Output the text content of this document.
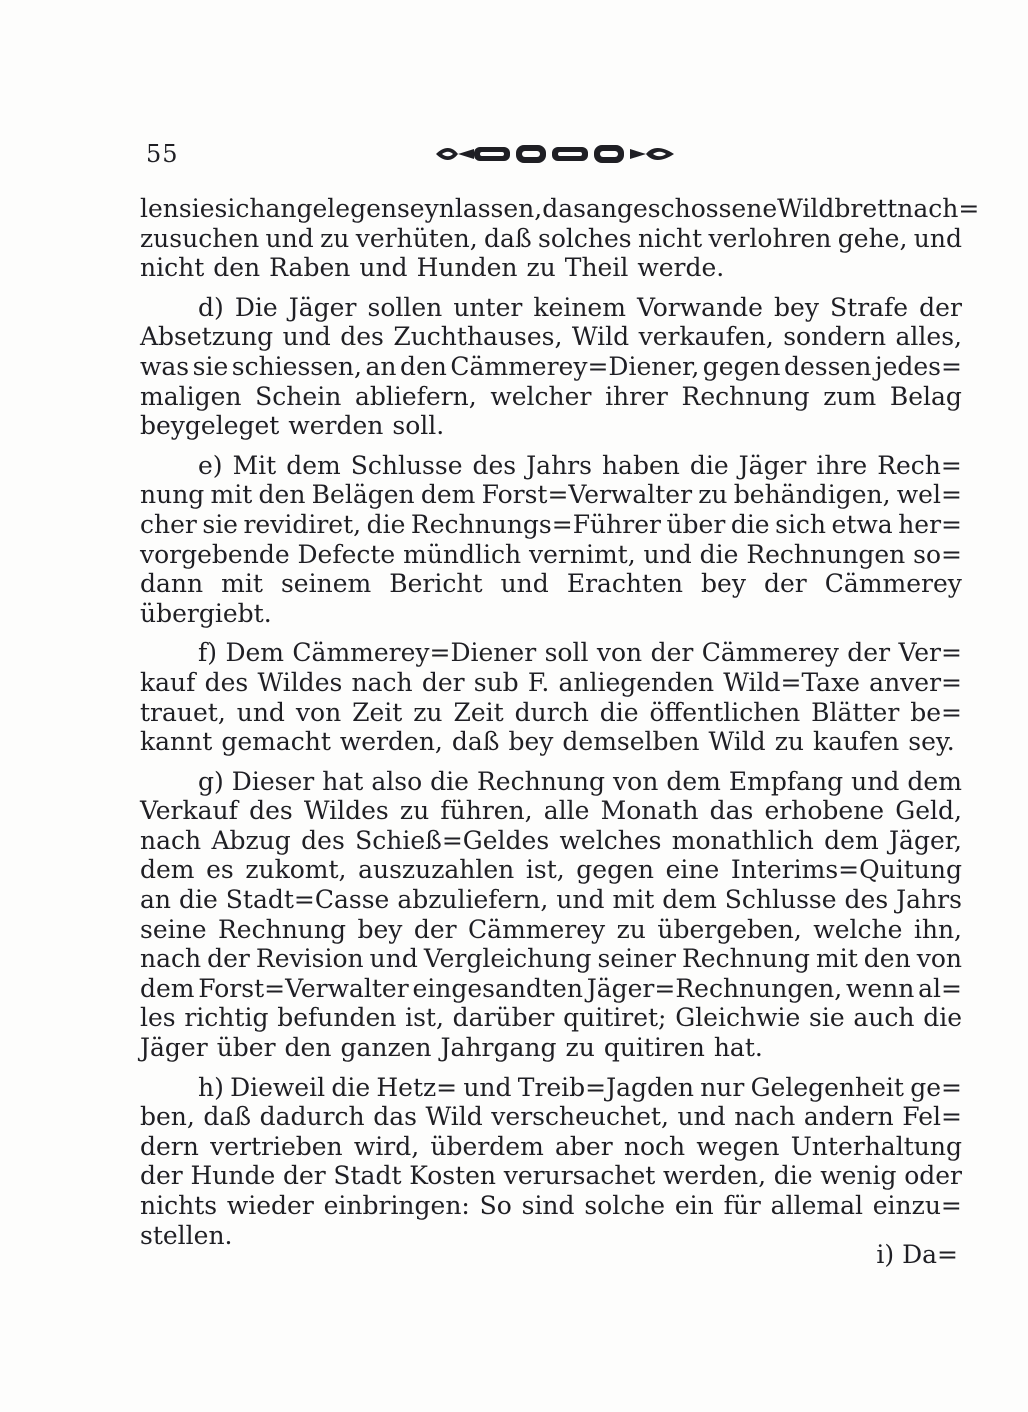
55
len sie sich angelegen seyn lassen, das angeschossene Wildbrett nach=
zusuchen und zu verhüten, daß solches nicht verlohren gehe, und
nicht den Raben und Hunden zu Theil werde.
d) Die Jäger sollen unter keinem Vorwande bey Strafe der
Absetzung und des Zuchthauses, Wild verkaufen, sondern alles,
was sie schiessen, an den Cämmerey=Diener, gegen dessen jedes=
maligen Schein abliefern, welcher ihrer Rechnung zum Belag
beygeleget werden soll.
e) Mit dem Schlusse des Jahrs haben die Jäger ihre Rech=
nung mit den Belägen dem Forst=Verwalter zu behändigen, wel=
cher sie revidiret, die Rechnungs=Führer über die sich etwa her=
vorgebende Defecte mündlich vernimt, und die Rechnungen so=
dann mit seinem Bericht und Erachten bey der Cämmerey
übergiebt.
f) Dem Cämmerey=Diener soll von der Cämmerey der Ver=
kauf des Wildes nach der sub F. anliegenden Wild=Taxe anver=
trauet, und von Zeit zu Zeit durch die öffentlichen Blätter be=
kannt gemacht werden, daß bey demselben Wild zu kaufen sey.
g) Dieser hat also die Rechnung von dem Empfang und dem
Verkauf des Wildes zu führen, alle Monath das erhobene Geld,
nach Abzug des Schieß=Geldes welches monathlich dem Jäger,
dem es zukomt, auszuzahlen ist, gegen eine Interims=Quitung
an die Stadt=Casse abzuliefern, und mit dem Schlusse des Jahrs
seine Rechnung bey der Cämmerey zu übergeben, welche ihn,
nach der Revision und Vergleichung seiner Rechnung mit den von
dem Forst=Verwalter eingesandten Jäger=Rechnungen, wenn al=
les richtig befunden ist, darüber quitiret; Gleichwie sie auch die
Jäger über den ganzen Jahrgang zu quitiren hat.
h) Dieweil die Hetz= und Treib=Jagden nur Gelegenheit ge=
ben, daß dadurch das Wild verscheuchet, und nach andern Fel=
dern vertrieben wird, überdem aber noch wegen Unterhaltung
der Hunde der Stadt Kosten verursachet werden, die wenig oder
nichts wieder einbringen: So sind solche ein für allemal einzu=
stellen.
i) Da=
